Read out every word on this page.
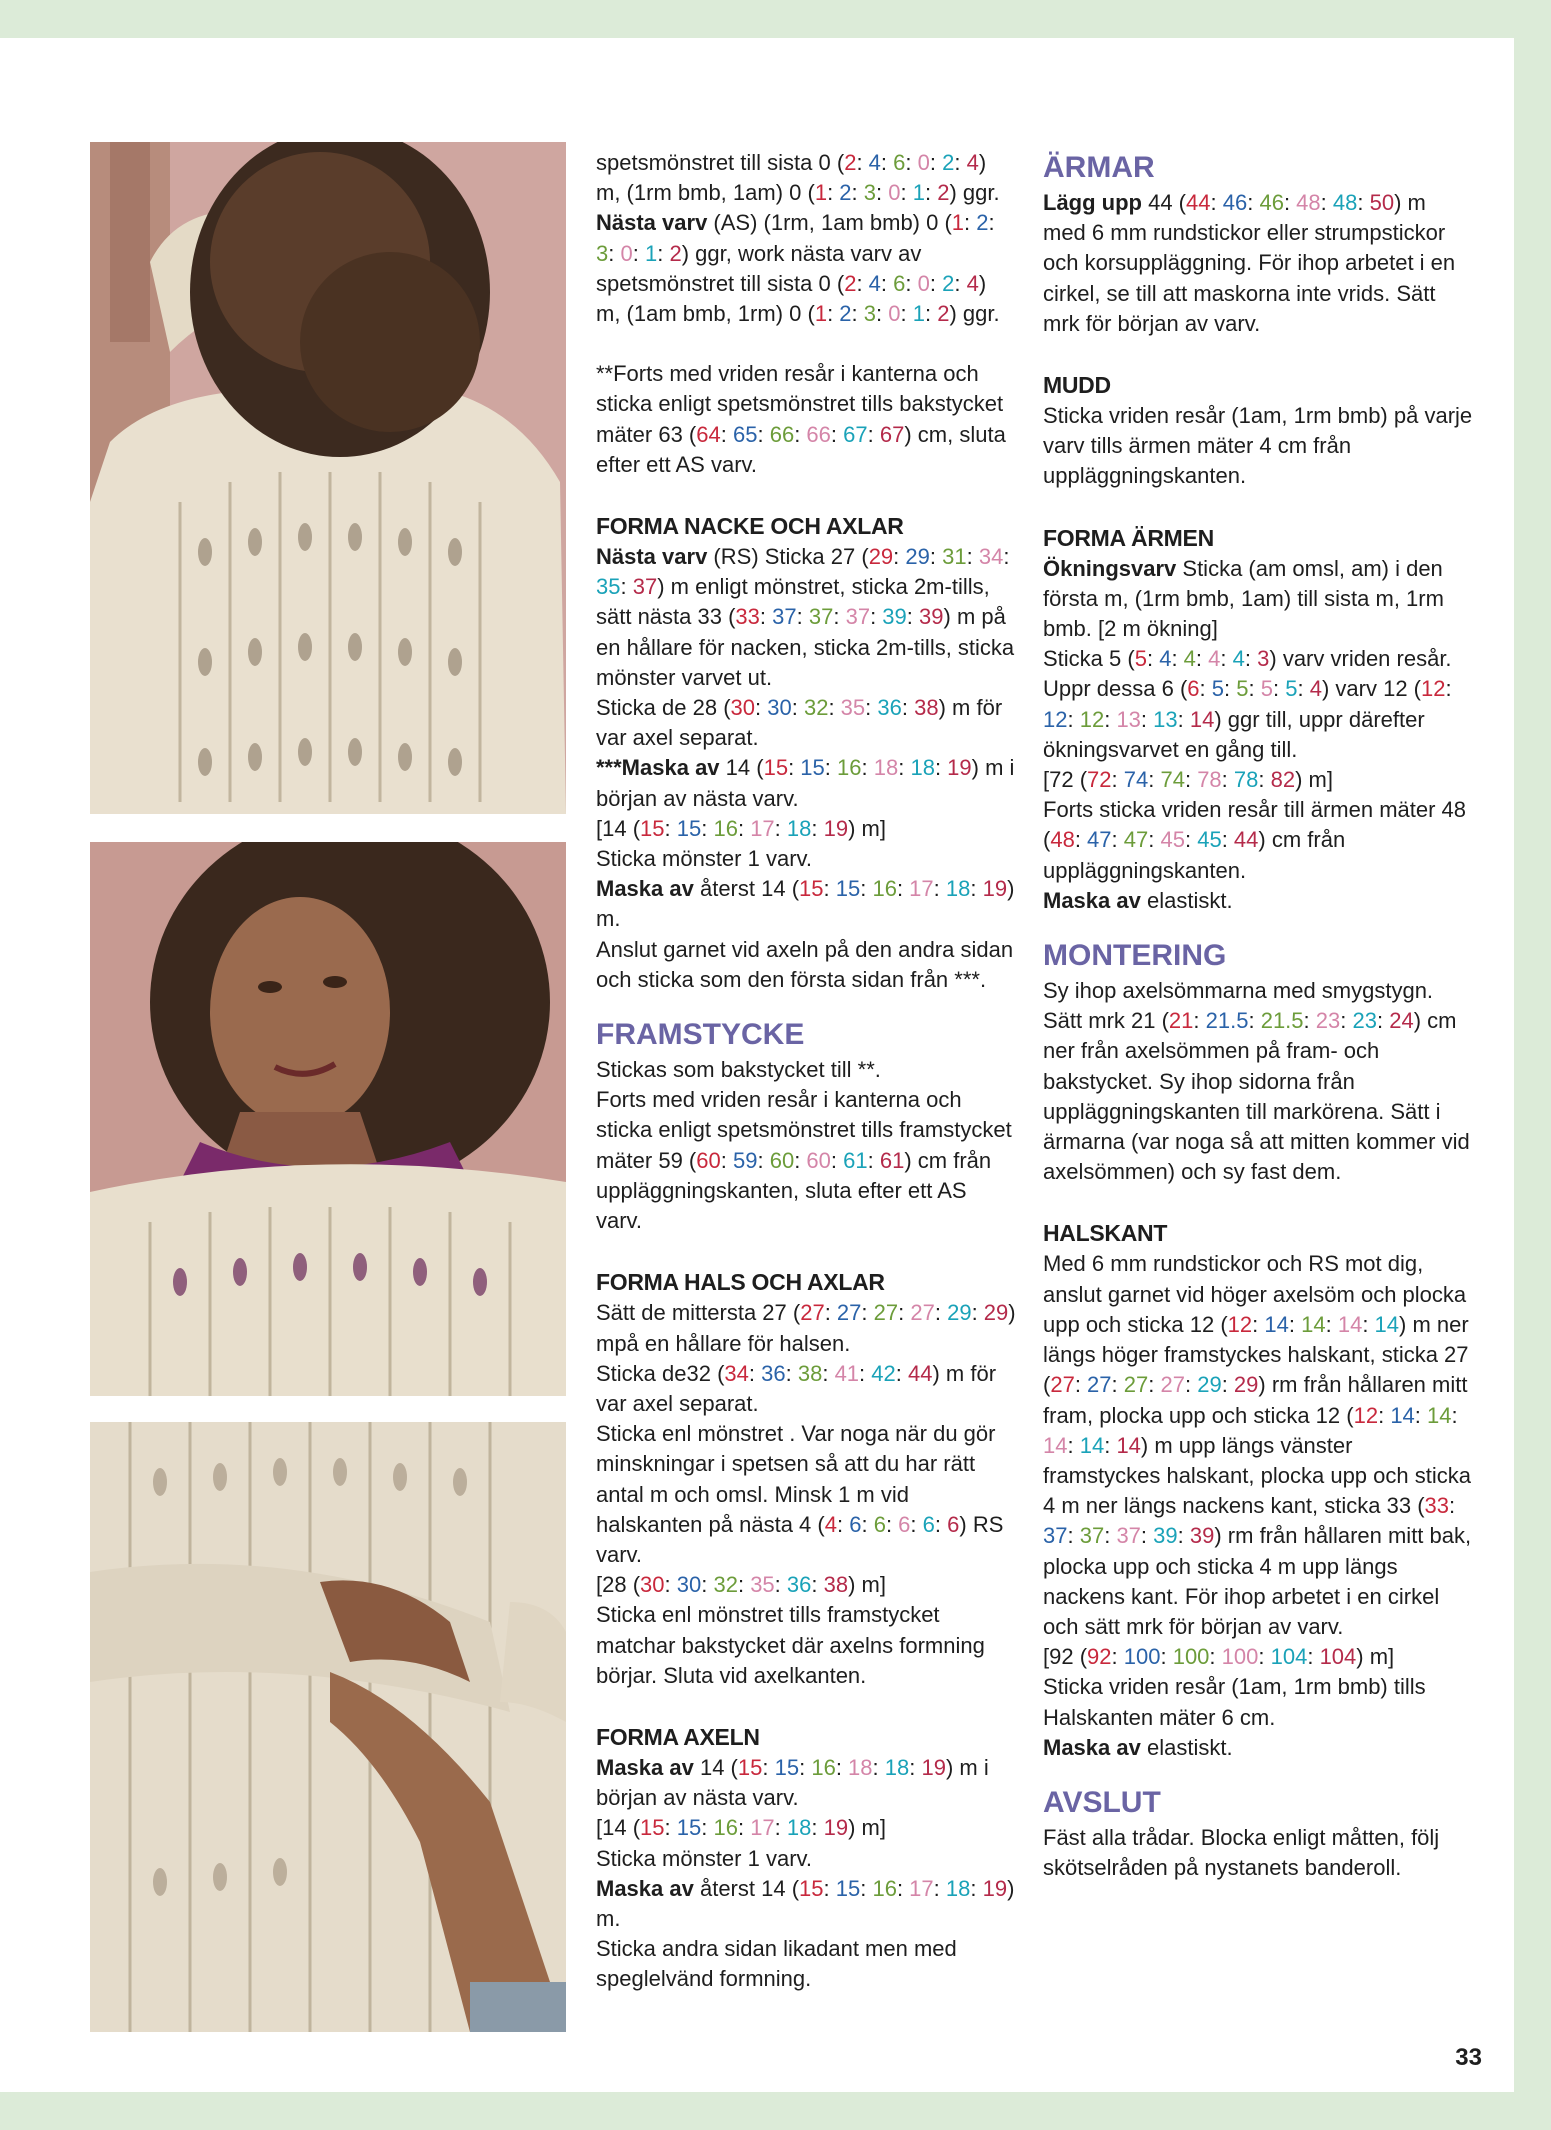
spetsmönstret till sista 0 (2: 4: 6: 0: 2: 4) m, (1rm bmb, 1am) 0 (1: 2: 3: 0: 1: 2) ggr.

Nästa varv (AS) (1rm, 1am bmb) 0 (1: 2: 3: 0: 1: 2) ggr, work nästa varv av spetsmönstret till sista 0 (2: 4: 6: 0: 2: 4) m, (1am bmb, 1rm) 0 (1: 2: 3: 0: 1: 2) ggr.

**Forts med vriden resår i kanterna och sticka enligt spetsmönstret tills bakstycket mäter 63 (64: 65: 66: 66: 67: 67) cm, sluta efter ett AS varv.

FORMA NACKE OCH AXLAR

Nästa varv (RS) Sticka 27 (29: 29: 31: 34: 35: 37) m enligt mönstret, sticka 2m-tills, sätt nästa 33 (33: 37: 37: 37: 39: 39) m på en hållare för nacken, sticka 2m-tills, sticka mönster varvet ut.

Sticka de 28 (30: 30: 32: 35: 36: 38) m för var axel separat.

***Maska av 14 (15: 15: 16: 18: 18: 19) m i början av nästa varv.

[14 (15: 15: 16: 17: 18: 19) m]

Sticka mönster 1 varv.

Maska av återst 14 (15: 15: 16: 17: 18: 19) m.

Anslut garnet vid axeln på den andra sidan och sticka som den första sidan från ***.

FRAMSTYCKE

Stickas som bakstycket till **.

Forts med vriden resår i kanterna och sticka enligt spetsmönstret tills framstycket mäter 59 (60: 59: 60: 60: 61: 61) cm från uppläggningskanten, sluta efter ett AS varv.

FORMA HALS OCH AXLAR

Sätt de mittersta 27 (27: 27: 27: 27: 29: 29) mpå en hållare för halsen.

Sticka de32 (34: 36: 38: 41: 42: 44) m för var axel separat.

Sticka enl mönstret . Var noga när du gör minskningar i spetsen så att du har rätt antal m och omsl. Minsk 1 m vid halskanten på nästa 4 (4: 6: 6: 6: 6: 6) RS varv.

[28 (30: 30: 32: 35: 36: 38) m]

Sticka enl mönstret tills framstycket matchar bakstycket där axelns formning börjar. Sluta vid axelkanten.

FORMA AXELN

Maska av 14 (15: 15: 16: 18: 18: 19) m i början av nästa varv.

[14 (15: 15: 16: 17: 18: 19) m]

Sticka mönster 1 varv.

Maska av återst 14 (15: 15: 16: 17: 18: 19) m.

Sticka andra sidan likadant men med speglelvänd formning.

ÄRMAR

Lägg upp 44 (44: 46: 46: 48: 48: 50) m med 6 mm rundstickor eller strumpstickor och korsuppläggning. För ihop arbetet i en cirkel, se till att maskorna inte vrids. Sätt mrk för början av varv.

MUDD

Sticka vriden resår (1am, 1rm bmb) på varje varv tills ärmen mäter 4 cm från uppläggningskanten.

FORMA ÄRMEN

Ökningsvarv Sticka (am omsl, am) i den första m, (1rm bmb, 1am) till sista m, 1rm bmb. [2 m ökning]

Sticka 5 (5: 4: 4: 4: 4: 3) varv vriden resår.

Uppr dessa 6 (6: 5: 5: 5: 5: 4) varv 12 (12: 12: 12: 13: 13: 14) ggr till, uppr därefter ökningsvarvet en gång till.

[72 (72: 74: 74: 78: 78: 82) m]

Forts sticka vriden resår till ärmen mäter 48 (48: 47: 47: 45: 45: 44) cm från uppläggningskanten.

Maska av elastiskt.

MONTERING

Sy ihop axelsömmarna med smygstygn. Sätt mrk 21 (21: 21.5: 21.5: 23: 23: 24) cm ner från axelsömmen på fram- och bakstycket. Sy ihop sidorna från uppläggningskanten till markörena. Sätt i ärmarna (var noga så att mitten kommer vid axelsömmen) och sy fast dem.

HALSKANT

Med 6 mm rundstickor och RS mot dig, anslut garnet vid höger axelsöm och plocka upp och sticka 12 (12: 14: 14: 14: 14) m ner längs höger framstyckes halskant, sticka 27 (27: 27: 27: 27: 29: 29) rm från hållaren mitt fram, plocka upp och sticka 12 (12: 14: 14: 14: 14: 14) m upp längs vänster framstyckes halskant, plocka upp och sticka 4 m ner längs nackens kant, sticka 33 (33: 37: 37: 37: 39: 39) rm från hållaren mitt bak, plocka upp och sticka 4 m upp längs nackens kant. För ihop arbetet i en cirkel och sätt mrk för början av varv.

[92 (92: 100: 100: 100: 104: 104) m]

Sticka vriden resår (1am, 1rm bmb) tills Halskanten mäter 6 cm.

Maska av elastiskt.

AVSLUT

Fäst alla trådar. Blocka enligt måtten, följ skötselråden på nystanets banderoll.

33
